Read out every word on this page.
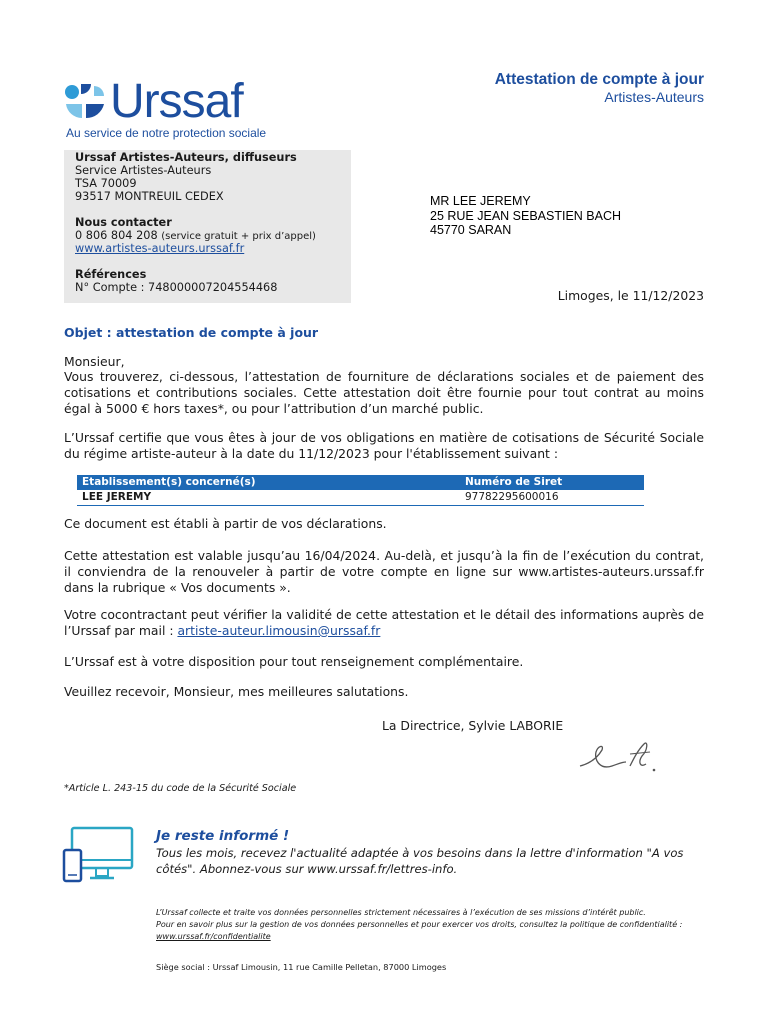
Urssaf
Au service de notre protection sociale
Attestation de compte à jour
Artistes-Auteurs
Urssaf Artistes-Auteurs, diffuseurs
Service Artistes-Auteurs
TSA 70009
93517 MONTREUIL CEDEX
Nous contacter
0 806 804 208 (service gratuit + prix d’appel)
www.artistes-auteurs.urssaf.fr
Références
N° Compte : 748000007204554468
MR LEE JEREMY
25 RUE JEAN SEBASTIEN BACH
45770 SARAN
Limoges, le 11/12/2023
Objet : attestation de compte à jour
Monsieur,
Vous trouverez, ci-dessous, l’attestation de fourniture de déclarations sociales et de paiement des cotisations et contributions sociales. Cette attestation doit être fournie pour tout contrat au moins égal à 5000 € hors taxes*, ou pour l’attribution d’un marché public.
L’Urssaf certifie que vous êtes à jour de vos obligations en matière de cotisations de Sécurité Sociale du régime artiste-auteur à la date du 11/12/2023 pour l'établissement suivant :
Etablissement(s) concerné(s)	Numéro de Siret
LEE JEREMY	97782295600016
Ce document est établi à partir de vos déclarations.
Cette attestation est valable jusqu’au 16/04/2024. Au-delà, et jusqu’à la fin de l’exécution du contrat, il conviendra de la renouveler à partir de votre compte en ligne sur www.artistes-auteurs.urssaf.fr dans la rubrique « Vos documents ».
Votre cocontractant peut vérifier la validité de cette attestation et le détail des informations auprès de l’Urssaf par mail : artiste-auteur.limousin@urssaf.fr
L’Urssaf est à votre disposition pour tout renseignement complémentaire.
Veuillez recevoir, Monsieur, mes meilleures salutations.
La Directrice, Sylvie LABORIE
*Article L. 243-15 du code de la Sécurité Sociale
Je reste informé !
Tous les mois, recevez l'actualité adaptée à vos besoins dans la lettre d'information "A vos côtés". Abonnez-vous sur www.urssaf.fr/lettres-info.
L’Urssaf collecte et traite vos données personnelles strictement nécessaires à l’exécution de ses missions d’intérêt public.
Pour en savoir plus sur la gestion de vos données personnelles et pour exercer vos droits, consultez la politique de confidentialité :
www.urssaf.fr/confidentialite
Siège social : Urssaf Limousin, 11 rue Camille Pelletan, 87000 Limoges
